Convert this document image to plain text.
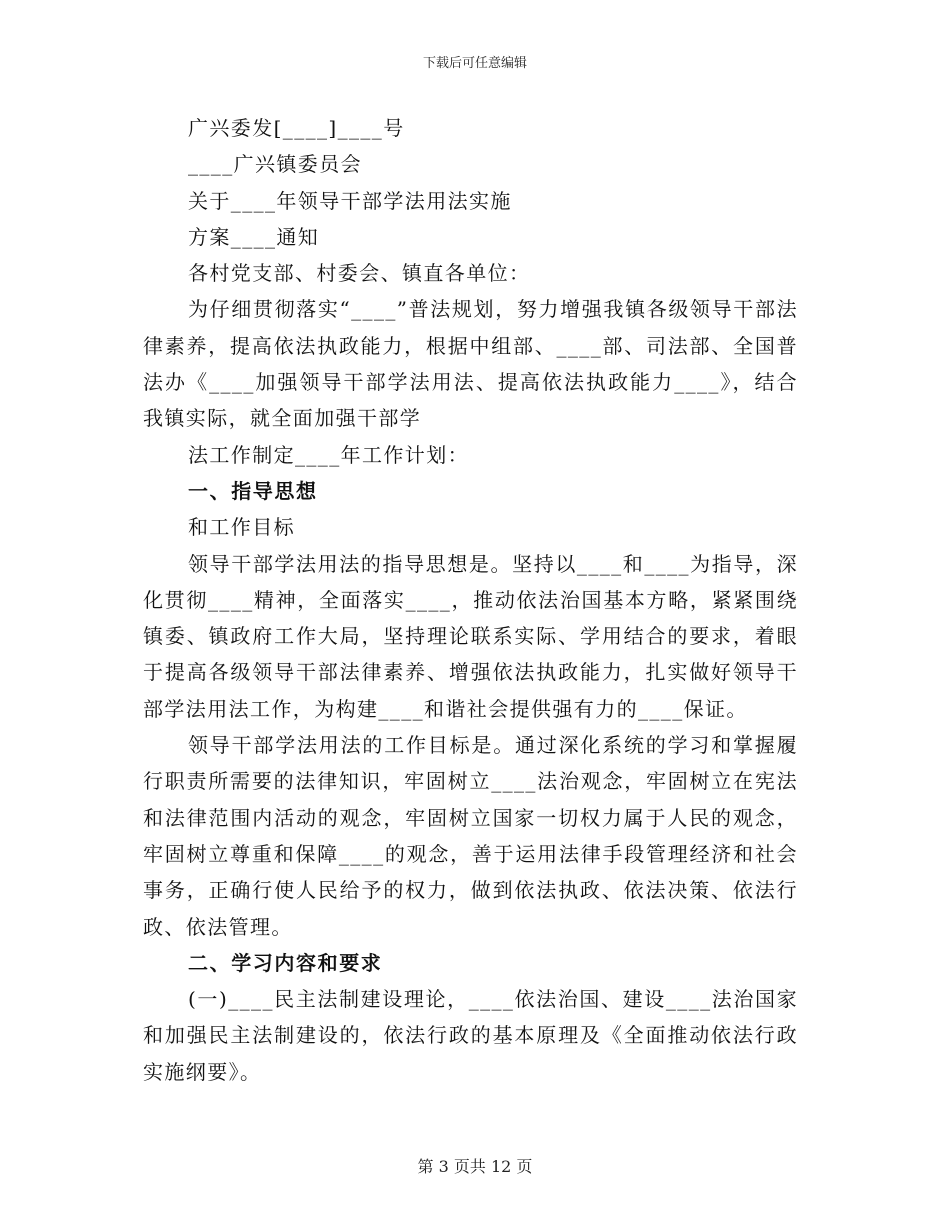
下载后可任意编辑

广兴委发[____]____号

____广兴镇委员会

关于____年领导干部学法用法实施

方案____通知

各村党支部、村委会、镇直各单位：

为仔细贯彻落实“____”普法规划，努力增强我镇各级领导干部法律素养，提高依法执政能力，根据中组部、____部、司法部、全国普法办《____加强领导干部学法用法、提高依法执政能力____》，结合我镇实际，就全面加强干部学

法工作制定____年工作计划：

一、指导思想

和工作目标

领导干部学法用法的指导思想是。坚持以____和____为指导，深化贯彻____精神，全面落实____，推动依法治国基本方略，紧紧围绕镇委、镇政府工作大局，坚持理论联系实际、学用结合的要求，着眼于提高各级领导干部法律素养、增强依法执政能力，扎实做好领导干部学法用法工作，为构建____和谐社会提供强有力的____保证。

领导干部学法用法的工作目标是。通过深化系统的学习和掌握履行职责所需要的法律知识，牢固树立____法治观念，牢固树立在宪法和法律范围内活动的观念，牢固树立国家一切权力属于人民的观念，牢固树立尊重和保障____的观念，善于运用法律手段管理经济和社会事务，正确行使人民给予的权力，做到依法执政、依法决策、依法行政、依法管理。

二、学习内容和要求

(一)____民主法制建设理论，____依法治国、建设____法治国家和加强民主法制建设的，依法行政的基本原理及《全面推动依法行政实施纲要》。

第 3 页共 12 页
